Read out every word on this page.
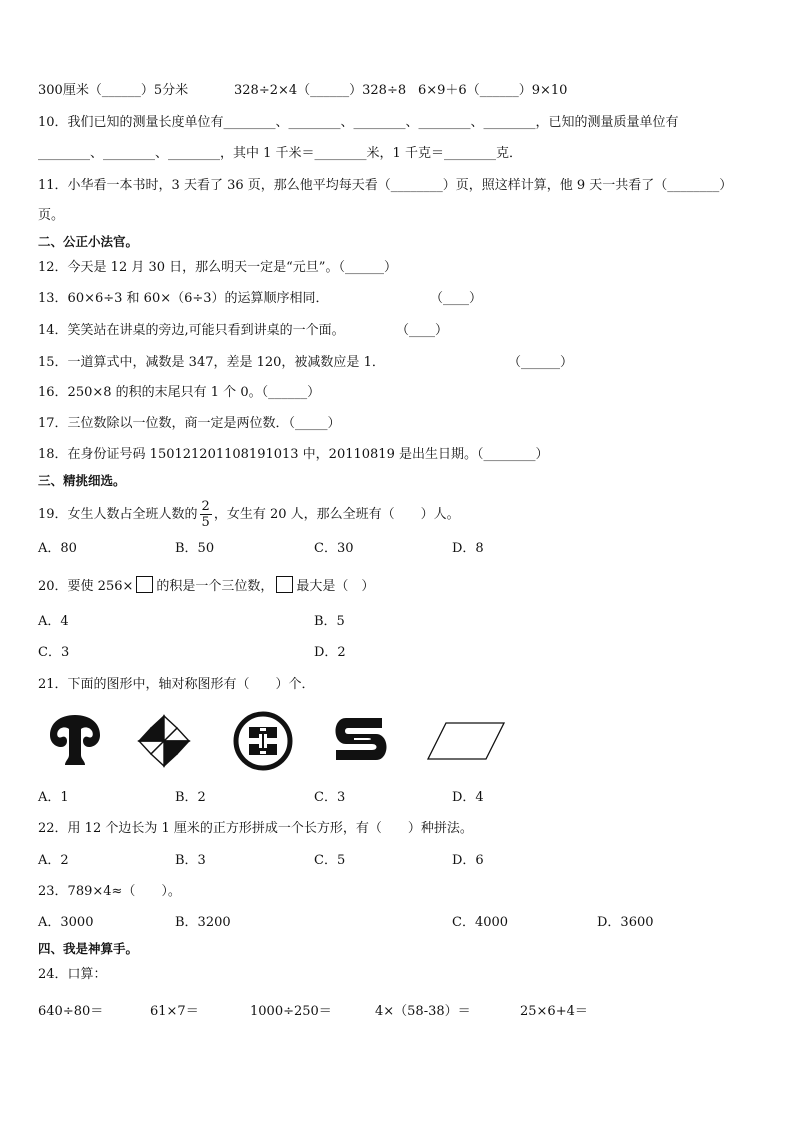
300厘米（______）5分米	328÷2×4（______）328÷8 6×9＋6（______）9×10
10．我们已知的测量长度单位有________、________、________、________、________，已知的测量质量单位有
________、________、________，其中 1 千米＝________米，1 千克＝________克．
11．小华看一本书时，3 天看了 36 页，那么他平均每天看（________）页，照这样计算，他 9 天一共看了（________）
页。
二、公正小法官。
12．今天是 12 月 30 日，那么明天一定是“元旦”。（______）
13．60×6÷3 和 60×（6÷3）的运算顺序相同．	（____）
14．笑笑站在讲桌的旁边,可能只看到讲桌的一个面。	（____）
15．一道算式中，减数是 347，差是 120，被减数应是 1．	（______）
16．250×8 的积的末尾只有 1 个 0。（______）
17．三位数除以一位数，商一定是两位数．（_____）
18．在身份证号码 150121201108191013 中，20110819 是出生日期。（________）
三、精挑细选。
19．女生人数占全班人数的 $\frac{2}{5}$ ，女生有 20 人，那么全班有（　　）人。
A．80	B．50	C．30	D．8
20．要使 256× 的积是一个三位数， 最大是（　）
A．4	B．5
C．3	D．2
21．下面的图形中，轴对称图形有（　　）个．
A．1	B．2	C．3	D．4
22．用 12 个边长为 1 厘米的正方形拼成一个长方形，有（　　）种拼法。
A．2	B．3	C．5	D．6
23．789×4≈（　　）。
A．3000	B．3200	C．4000	D．3600
四、我是神算手。
24．口算：
640÷80＝	61×7＝	1000÷250＝	4×（58-38）＝	25×6+4＝
